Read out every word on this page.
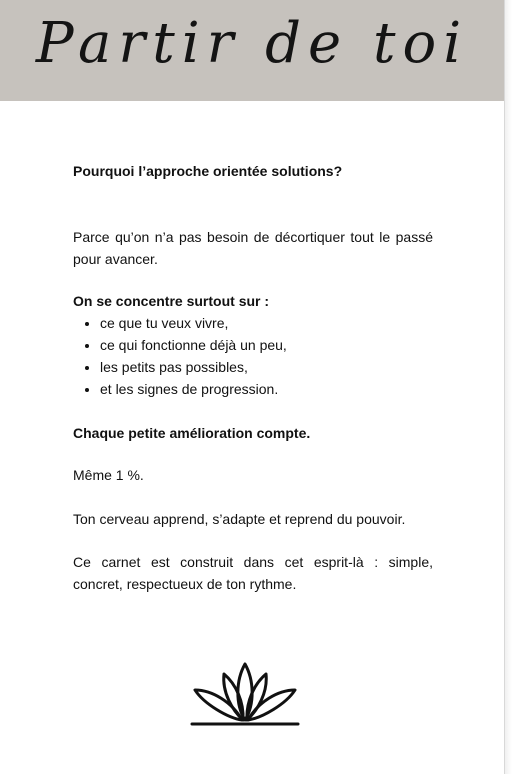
Partir de toi

Pourquoi l’approche orientée solutions?

Parce qu’on n’a pas besoin de décortiquer tout le passé pour avancer.

On se concentre surtout sur :

• ce que tu veux vivre,
• ce qui fonctionne déjà un peu,
• les petits pas possibles,
• et les signes de progression.

Chaque petite amélioration compte.

Même 1 %.

Ton cerveau apprend, s’adapte et reprend du pouvoir.

Ce carnet est construit dans cet esprit-là : simple, concret, respectueux de ton rythme.
